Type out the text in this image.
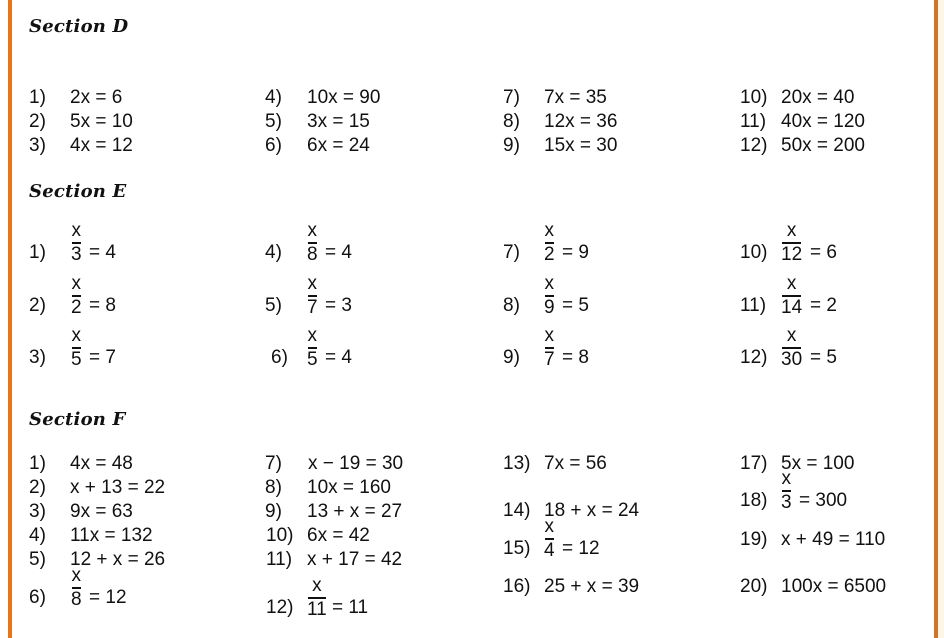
Section D
1) 2x = 6
2) 5x = 10
3) 4x = 12
4) 10x = 90
5) 3x = 15
6) 6x = 24
7) 7x = 35
8) 12x = 36
9) 15x = 30
10) 20x = 40
11) 40x = 120
12) 50x = 200
Section E
1)
x
3 = 4
2)
x
2 = 8
3)
x
5 = 7
4)
x
8 = 4
5)
x
7 = 3
6)
x
5 = 4
7)
x
2 = 9
8)
x
9 = 5
9)
x
7 = 8
10)
x
12 = 6
11)
x
14 = 2
12)
x
30 = 5
Section F
1) 4x = 48
2) x + 13 = 22
3) 9x = 63
4) 11x = 132
5) 12 + x = 26
6)
x
8 = 12
7) x − 19 = 30
8) 10x = 160
9) 13 + x = 27
10) 6x = 42
11) x + 17 = 42
12)
x
11 = 11
13) 7x = 56
14) 18 + x = 24
15)
x
4 = 12
16) 25 + x = 39
17) 5x = 100
18)
x
3 = 300
19) x + 49 = 110
20) 100x = 6500
